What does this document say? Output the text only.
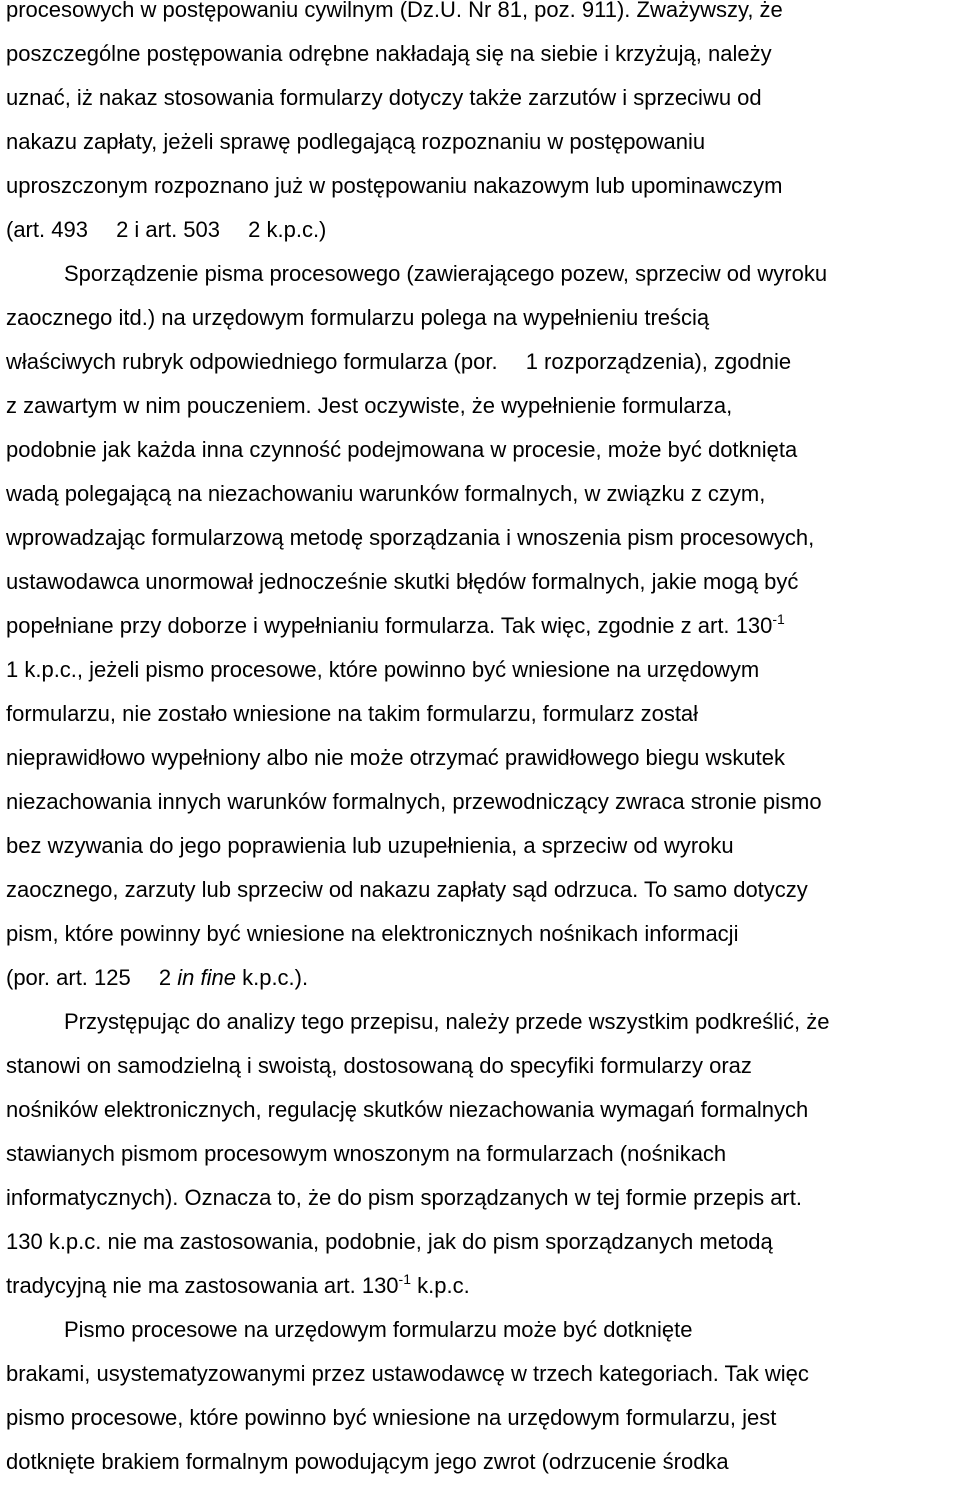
procesowych w postępowaniu cywilnym (Dz.U. Nr 81, poz. 911). Zważywszy, że
poszczególne postępowania odrębne nakładają się na siebie i krzyżują, należy
uznać, iż nakaz stosowania formularzy dotyczy także zarzutów i sprzeciwu od
nakazu zapłaty, jeżeli sprawę podlegającą rozpoznaniu w postępowaniu
uproszczonym rozpoznano już w postępowaniu nakazowym lub upominawczym
(art. 493 2 i art. 503 2 k.p.c.)
Sporządzenie pisma procesowego (zawierającego pozew, sprzeciw od wyroku
zaocznego itd.) na urzędowym formularzu polega na wypełnieniu treścią
właściwych rubryk odpowiedniego formularza (por. 1 rozporządzenia), zgodnie
z zawartym w nim pouczeniem. Jest oczywiste, że wypełnienie formularza,
podobnie jak każda inna czynność podejmowana w procesie, może być dotknięta
wadą polegającą na niezachowaniu warunków formalnych, w związku z czym,
wprowadzając formularzową metodę sporządzania i wnoszenia pism procesowych,
ustawodawca unormował jednocześnie skutki błędów formalnych, jakie mogą być
popełniane przy doborze i wypełnianiu formularza. Tak więc, zgodnie z art. $130^{-1}$
1 k.p.c., jeżeli pismo procesowe, które powinno być wniesione na urzędowym
formularzu, nie zostało wniesione na takim formularzu, formularz został
nieprawidłowo wypełniony albo nie może otrzymać prawidłowego biegu wskutek
niezachowania innych warunków formalnych, przewodniczący zwraca stronie pismo
bez wzywania do jego poprawienia lub uzupełnienia, a sprzeciw od wyroku
zaocznego, zarzuty lub sprzeciw od nakazu zapłaty sąd odrzuca. To samo dotyczy
pism, które powinny być wniesione na elektronicznych nośnikach informacji
(por. art. 125 2 in fine k.p.c.).
Przystępując do analizy tego przepisu, należy przede wszystkim podkreślić, że
stanowi on samodzielną i swoistą, dostosowaną do specyfiki formularzy oraz
nośników elektronicznych, regulację skutków niezachowania wymagań formalnych
stawianych pismom procesowym wnoszonym na formularzach (nośnikach
informatycznych). Oznacza to, że do pism sporządzanych w tej formie przepis art.
130 k.p.c. nie ma zastosowania, podobnie, jak do pism sporządzanych metodą
tradycyjną nie ma zastosowania art. $130^{-1}$ k.p.c.
Pismo procesowe na urzędowym formularzu może być dotknięte
brakami, usystematyzowanymi przez ustawodawcę w trzech kategoriach. Tak więc
pismo procesowe, które powinno być wniesione na urzędowym formularzu, jest
dotknięte brakiem formalnym powodującym jego zwrot (odrzucenie środka
